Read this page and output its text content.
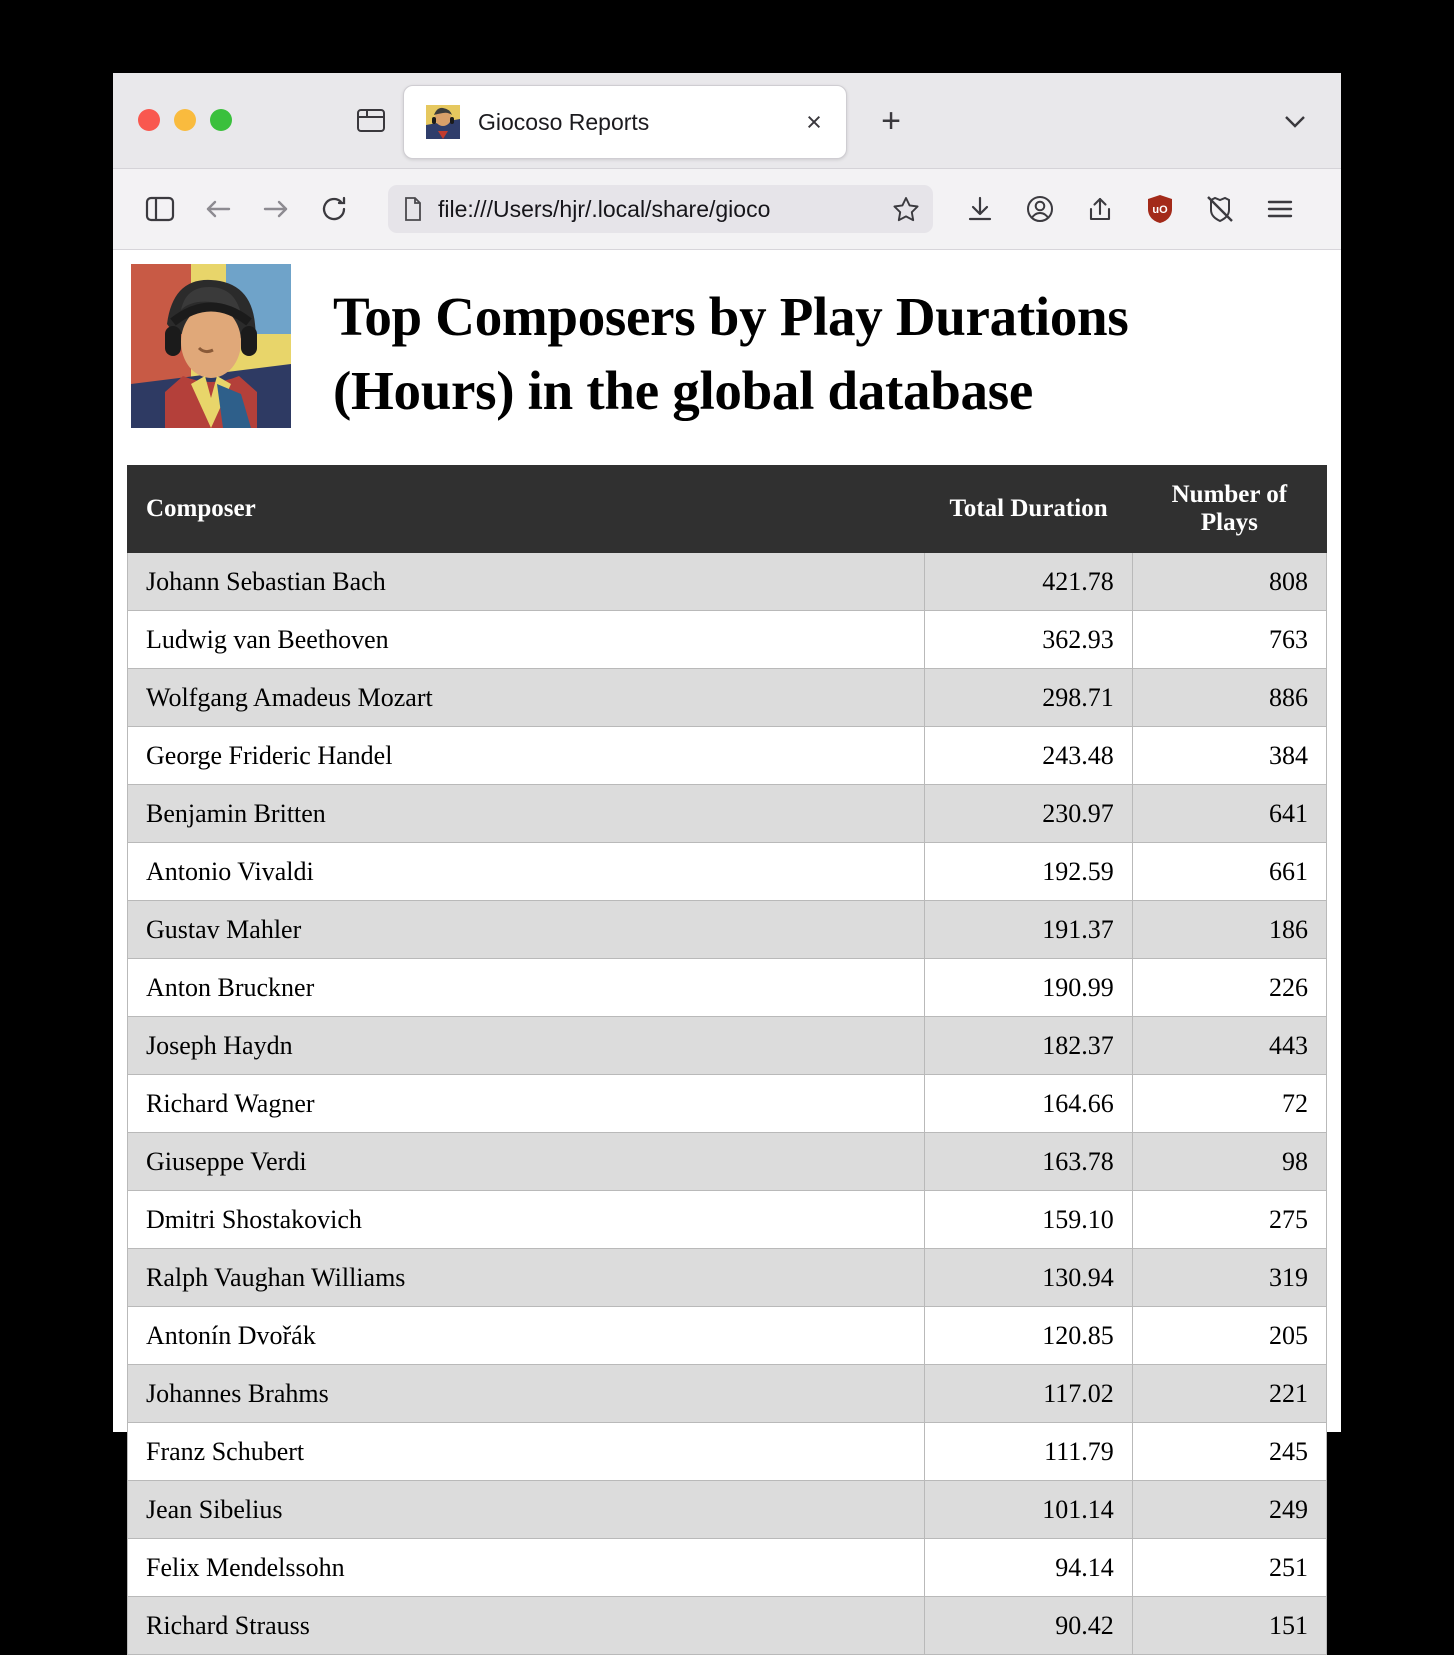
Giocoso Reports	×	+
file:///Users/hjr/.local/share/gioco	uO
Top Composers by Play Durations (Hours) in the global database
Composer	Total Duration	Number of Plays
Johann Sebastian Bach	421.78	808
Ludwig van Beethoven	362.93	763
Wolfgang Amadeus Mozart	298.71	886
George Frideric Handel	243.48	384
Benjamin Britten	230.97	641
Antonio Vivaldi	192.59	661
Gustav Mahler	191.37	186
Anton Bruckner	190.99	226
Joseph Haydn	182.37	443
Richard Wagner	164.66	72
Giuseppe Verdi	163.78	98
Dmitri Shostakovich	159.10	275
Ralph Vaughan Williams	130.94	319
Antonín Dvořák	120.85	205
Johannes Brahms	117.02	221
Franz Schubert	111.79	245
Jean Sibelius	101.14	249
Felix Mendelssohn	94.14	251
Richard Strauss	90.42	151
